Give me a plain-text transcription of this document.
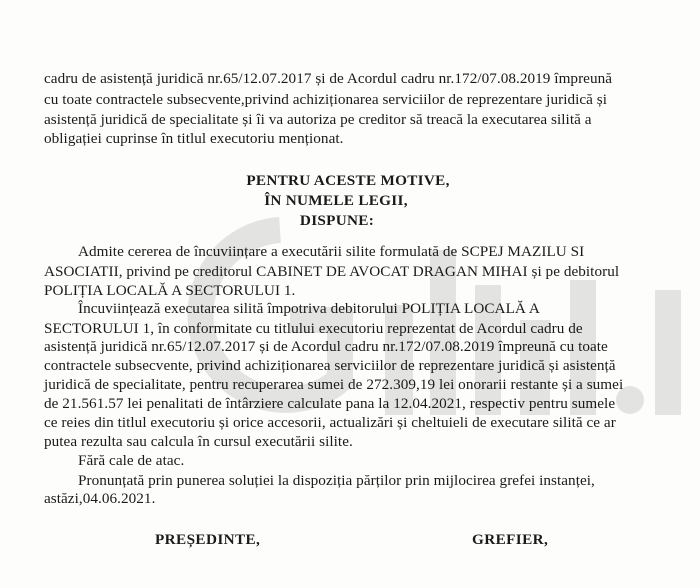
cadru de asistență juridică nr.65/12.07.2017 și de Acordul cadru nr.172/07.08.2019 împreună
cu toate contractele subsecvente,privind achiziționarea serviciilor de reprezentare juridică și
asistență juridică de specialitate și îi va autoriza pe creditor să treacă la executarea silită a
obligației cuprinse în titlul executoriu menționat.
PENTRU ACESTE MOTIVE,
ÎN NUMELE LEGII,
DISPUNE:
Admite cererea de încuviințare a executării silite formulată de SCPEJ MAZILU SI
ASOCIATII, privind pe creditorul CABINET DE AVOCAT DRAGAN MIHAI și pe debitorul
POLIȚIA LOCALĂ A SECTORULUI 1.
Încuviințează executarea silită împotriva debitorului POLIȚIA LOCALĂ A
SECTORULUI 1, în conformitate cu titlului executoriu reprezentat de Acordul cadru de
asistență juridică nr.65/12.07.2017 și de Acordul cadru nr.172/07.08.2019 împreună cu toate
contractele subsecvente, privind achiziționarea serviciilor de reprezentare juridică și asistență
juridică de specialitate, pentru recuperarea sumei de 272.309,19 lei onorarii restante și a sumei
de 21.561.57 lei penalitati de întârziere calculate pana la 12.04.2021, respectiv pentru sumele
ce reies din titlul executoriu și orice accesorii, actualizări și cheltuieli de executare silită ce ar
putea rezulta sau calcula în cursul executării silite.
Fără cale de atac.
Pronunțată prin punerea soluției la dispoziția părților prin mijlocirea grefei instanței,
astăzi,04.06.2021.
PREȘEDINTE,	GREFIER,
